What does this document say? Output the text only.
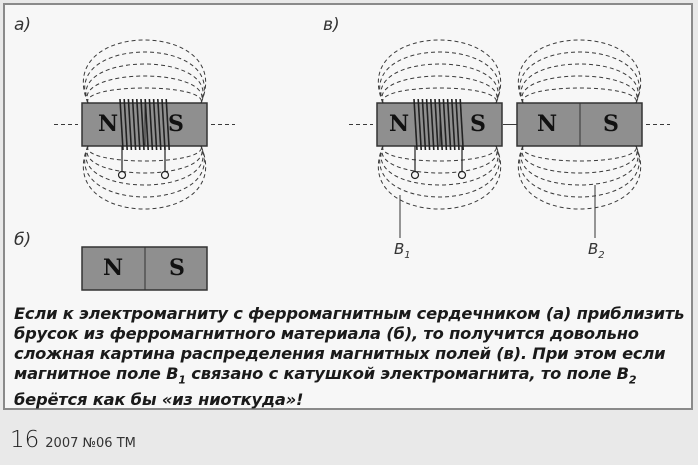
а)
б)
в)
N	S
N	S
N	S	N	S
$B_1$	$B_2$
Если к электромагниту с ферромагнитным сердечником (а) приблизить брусок из ферромагнитного материала (б), то получится довольно сложная картина распределения магнитных полей (в). При этом если магнитное поле $B_1$ связано с катушкой электромагнита, то поле $B_2$ берётся как бы «из ниоткуда»!
16 2007 №06 ТМ
